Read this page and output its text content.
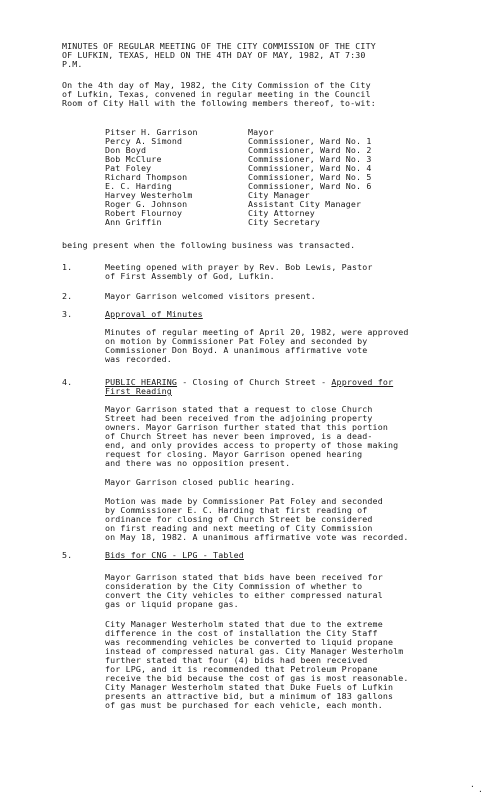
MINUTES OF REGULAR MEETING OF THE CITY COMMISSION OF THE CITY
OF LUFKIN, TEXAS, HELD ON THE 4TH DAY OF MAY, 1982, AT 7:30
P.M.
On the 4th day of May, 1982, the City Commission of the City
of Lufkin, Texas, convened in regular meeting in the Council
Room of City Hall with the following members thereof, to-wit:
Pitser H. Garrison	Mayor
Percy A. Simond	Commissioner, Ward No. 1
Don Boyd	Commissioner, Ward No. 2
Bob McClure	Commissioner, Ward No. 3
Pat Foley	Commissioner, Ward No. 4
Richard Thompson	Commissioner, Ward No. 5
E. C. Harding	Commissioner, Ward No. 6
Harvey Westerholm	City Manager
Roger G. Johnson	Assistant City Manager
Robert Flournoy	City Attorney
Ann Griffin	City Secretary
being present when the following business was transacted.
1.	Meeting opened with prayer by Rev. Bob Lewis, Pastor
of First Assembly of God, Lufkin.
2.	Mayor Garrison welcomed visitors present.
3.	Approval of Minutes
Minutes of regular meeting of April 20, 1982, were approved
on motion by Commissioner Pat Foley and seconded by
Commissioner Don Boyd. A unanimous affirmative vote
was recorded.
4.	PUBLIC HEARING - Closing of Church Street - Approved for
First Reading
Mayor Garrison stated that a request to close Church
Street had been received from the adjoining property
owners. Mayor Garrison further stated that this portion
of Church Street has never been improved, is a dead-
end, and only provides access to property of those making
request for closing. Mayor Garrison opened hearing
and there was no opposition present.
Mayor Garrison closed public hearing.
Motion was made by Commissioner Pat Foley and seconded
by Commissioner E. C. Harding that first reading of
ordinance for closing of Church Street be considered
on first reading and next meeting of City Commission
on May 18, 1982. A unanimous affirmative vote was recorded.
5.	Bids for CNG - LPG - Tabled
Mayor Garrison stated that bids have been received for
consideration by the City Commission of whether to
convert the City vehicles to either compressed natural
gas or liquid propane gas.
City Manager Westerholm stated that due to the extreme
difference in the cost of installation the City Staff
was recommending vehicles be converted to liquid propane
instead of compressed natural gas. City Manager Westerholm
further stated that four (4) bids had been received
for LPG, and it is recommended that Petroleum Propane
receive the bid because the cost of gas is most reasonable.
City Manager Westerholm stated that Duke Fuels of Lufkin
presents an attractive bid, but a minimum of 183 gallons
of gas must be purchased for each vehicle, each month.
·
·
